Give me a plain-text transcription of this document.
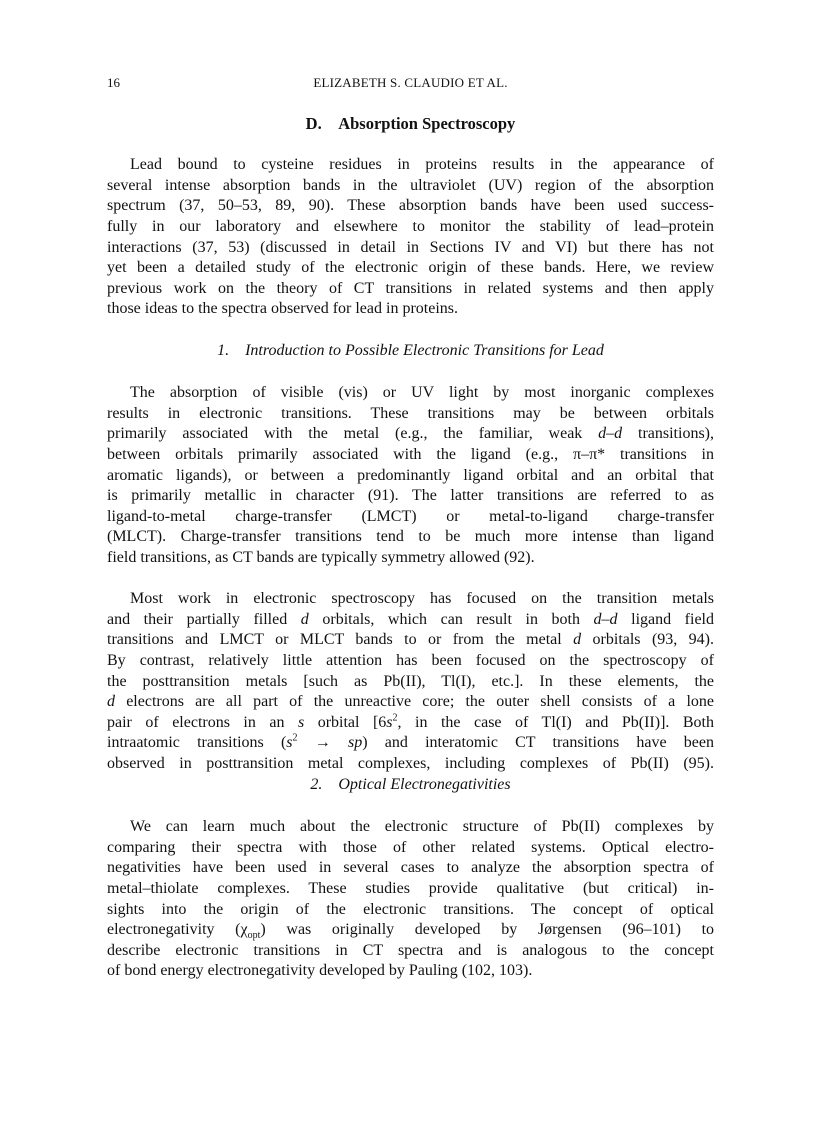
16	ELIZABETH S. CLAUDIO ET AL.
D. Absorption Spectroscopy
Lead bound to cysteine residues in proteins results in the appearance of
several intense absorption bands in the ultraviolet (UV) region of the absorption
spectrum (37, 50–53, 89, 90). These absorption bands have been used success-
fully in our laboratory and elsewhere to monitor the stability of lead–protein
interactions (37, 53) (discussed in detail in Sections IV and VI) but there has not
yet been a detailed study of the electronic origin of these bands. Here, we review
previous work on the theory of CT transitions in related systems and then apply
those ideas to the spectra observed for lead in proteins.
1. Introduction to Possible Electronic Transitions for Lead
The absorption of visible (vis) or UV light by most inorganic complexes
results in electronic transitions. These transitions may be between orbitals
primarily associated with the metal (e.g., the familiar, weak d–d transitions),
between orbitals primarily associated with the ligand (e.g., π–π* transitions in
aromatic ligands), or between a predominantly ligand orbital and an orbital that
is primarily metallic in character (91). The latter transitions are referred to as
ligand-to-metal charge-transfer (LMCT) or metal-to-ligand charge-transfer
(MLCT). Charge-transfer transitions tend to be much more intense than ligand
field transitions, as CT bands are typically symmetry allowed (92).
Most work in electronic spectroscopy has focused on the transition metals
and their partially filled d orbitals, which can result in both d–d ligand field
transitions and LMCT or MLCT bands to or from the metal d orbitals (93, 94).
By contrast, relatively little attention has been focused on the spectroscopy of
the posttransition metals [such as Pb(II), Tl(I), etc.]. In these elements, the
d electrons are all part of the unreactive core; the outer shell consists of a lone
pair of electrons in an s orbital [$6s^2$, in the case of Tl(I) and Pb(II)]. Both
intraatomic transitions $(s^2 \to sp)$ and interatomic CT transitions have been
observed in posttransition metal complexes, including complexes of Pb(II) (95).
2. Optical Electronegativities
We can learn much about the electronic structure of Pb(II) complexes by
comparing their spectra with those of other related systems. Optical electro-
negativities have been used in several cases to analyze the absorption spectra of
metal–thiolate complexes. These studies provide qualitative (but critical) in-
sights into the origin of the electronic transitions. The concept of optical
electronegativity $(\chi_{opt})$ was originally developed by Jørgensen (96–101) to
describe electronic transitions in CT spectra and is analogous to the concept
of bond energy electronegativity developed by Pauling (102, 103).
